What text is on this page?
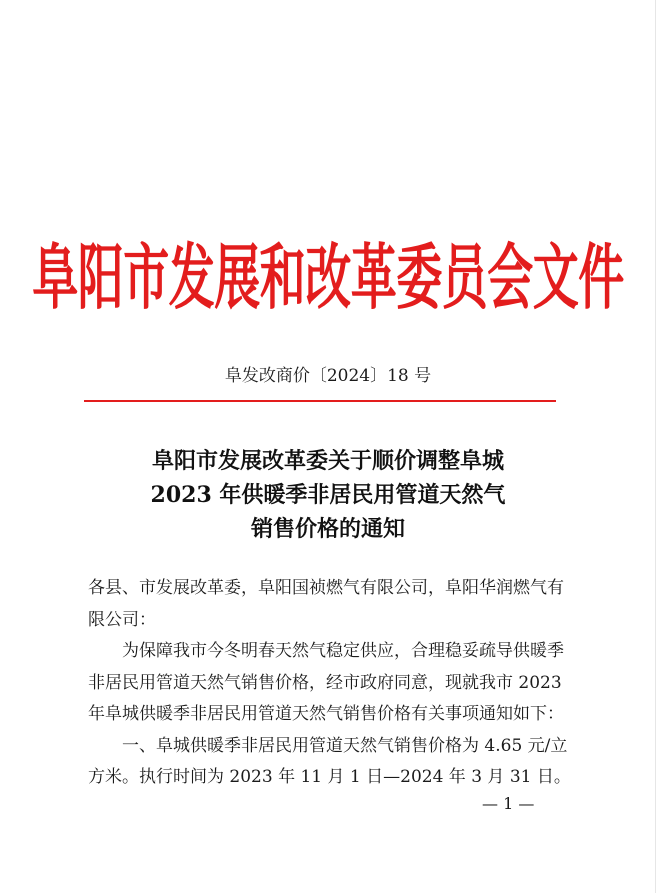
阜阳市发展和改革委员会文件
阜发改商价〔2024〕18 号
阜阳市发展改革委关于顺价调整阜城
2023 年供暖季非居民用管道天然气
销售价格的通知
各县、市发展改革委，阜阳国祯燃气有限公司，阜阳华润燃气有
限公司：
为保障我市今冬明春天然气稳定供应，合理稳妥疏导供暖季
非居民用管道天然气销售价格，经市政府同意，现就我市 2023
年阜城供暖季非居民用管道天然气销售价格有关事项通知如下：
一、阜城供暖季非居民用管道天然气销售价格为 4.65 元/立
方米。执行时间为 2023 年 11 月 1 日—2024 年 3 月 31 日。
— 1 —
